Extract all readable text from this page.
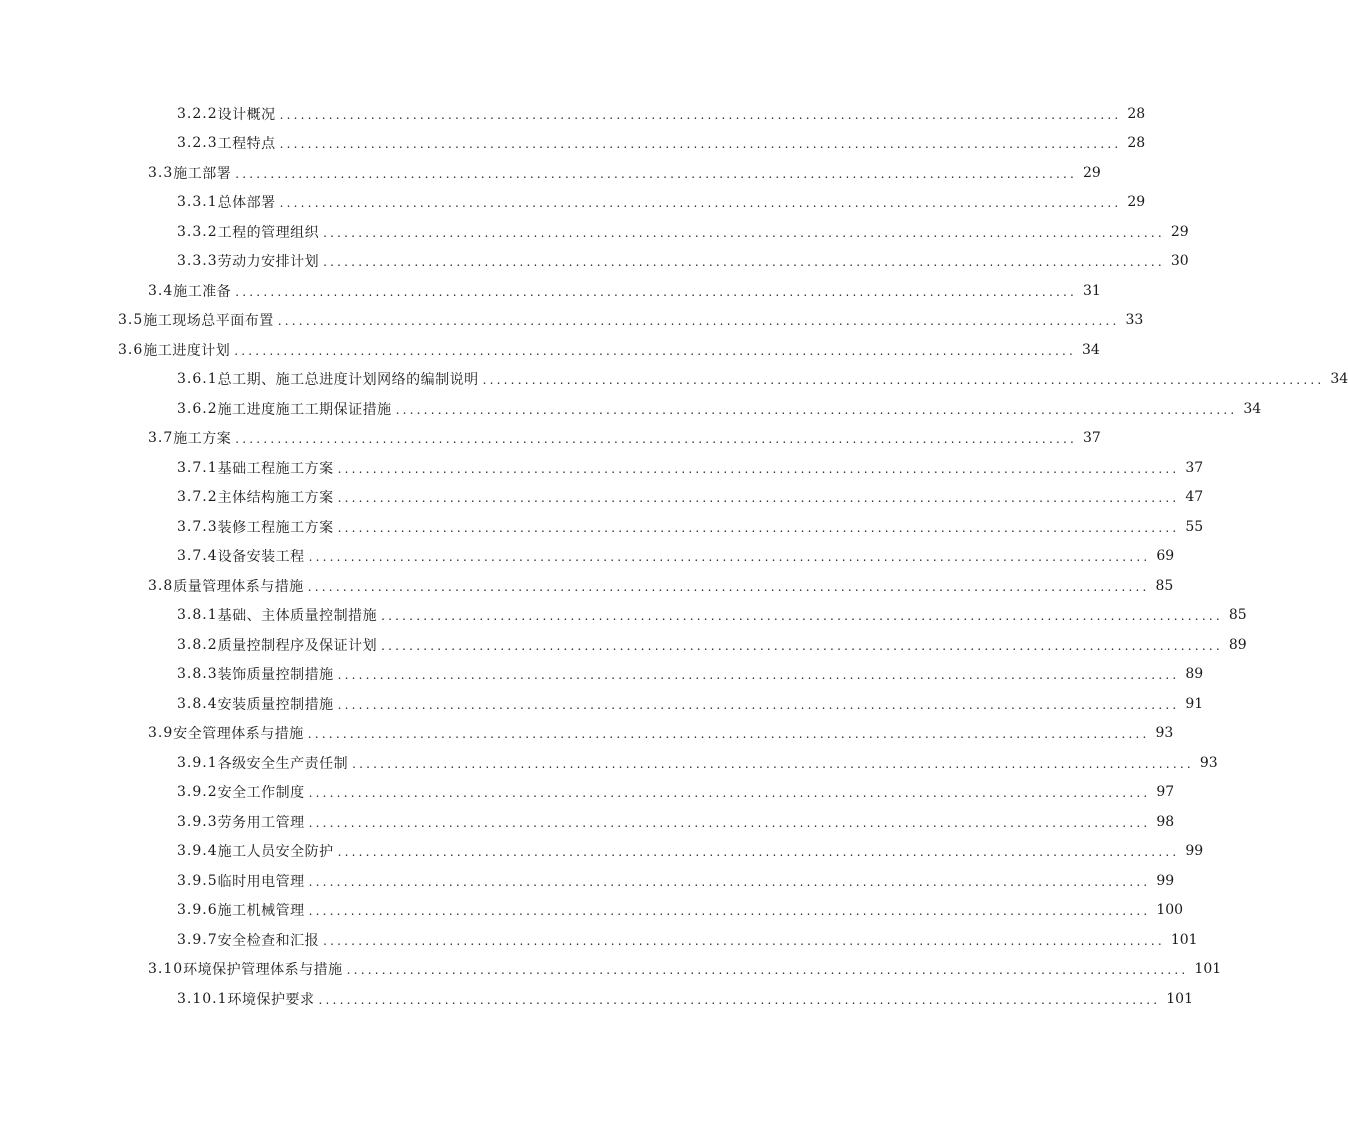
3.2.2 设计概况 ........................................................................................................................ 28
3.2.3 工程特点 ........................................................................................................................ 28
3.3 施工部署 ........................................................................................................................ 29
3.3.1 总体部署 ........................................................................................................................ 29
3.3.2 工程的管理组织 ........................................................................................................................ 29
3.3.3 劳动力安排计划 ........................................................................................................................ 30
3.4 施工准备 ........................................................................................................................ 31
3.5 施工现场总平面布置 ........................................................................................................................ 33
3.6 施工进度计划 ........................................................................................................................ 34
3.6.1 总工期、施工总进度计划网络的编制说明 ........................................................................................................................ 34
3.6.2 施工进度施工工期保证措施 ........................................................................................................................ 34
3.7 施工方案 ........................................................................................................................ 37
3.7.1 基础工程施工方案 ........................................................................................................................ 37
3.7.2 主体结构施工方案 ........................................................................................................................ 47
3.7.3 装修工程施工方案 ........................................................................................................................ 55
3.7.4 设备安装工程 ........................................................................................................................ 69
3.8 质量管理体系与措施 ........................................................................................................................ 85
3.8.1 基础、主体质量控制措施 ........................................................................................................................ 85
3.8.2 质量控制程序及保证计划 ........................................................................................................................ 89
3.8.3 装饰质量控制措施 ........................................................................................................................ 89
3.8.4 安装质量控制措施 ........................................................................................................................ 91
3.9 安全管理体系与措施 ........................................................................................................................ 93
3.9.1 各级安全生产责任制 ........................................................................................................................ 93
3.9.2 安全工作制度 ........................................................................................................................ 97
3.9.3 劳务用工管理 ........................................................................................................................ 98
3.9.4 施工人员安全防护 ........................................................................................................................ 99
3.9.5 临时用电管理 ........................................................................................................................ 99
3.9.6 施工机械管理 ........................................................................................................................ 100
3.9.7 安全检查和汇报 ........................................................................................................................ 101
3.10 环境保护管理体系与措施 ........................................................................................................................ 101
3.10.1 环境保护要求 ........................................................................................................................ 101
